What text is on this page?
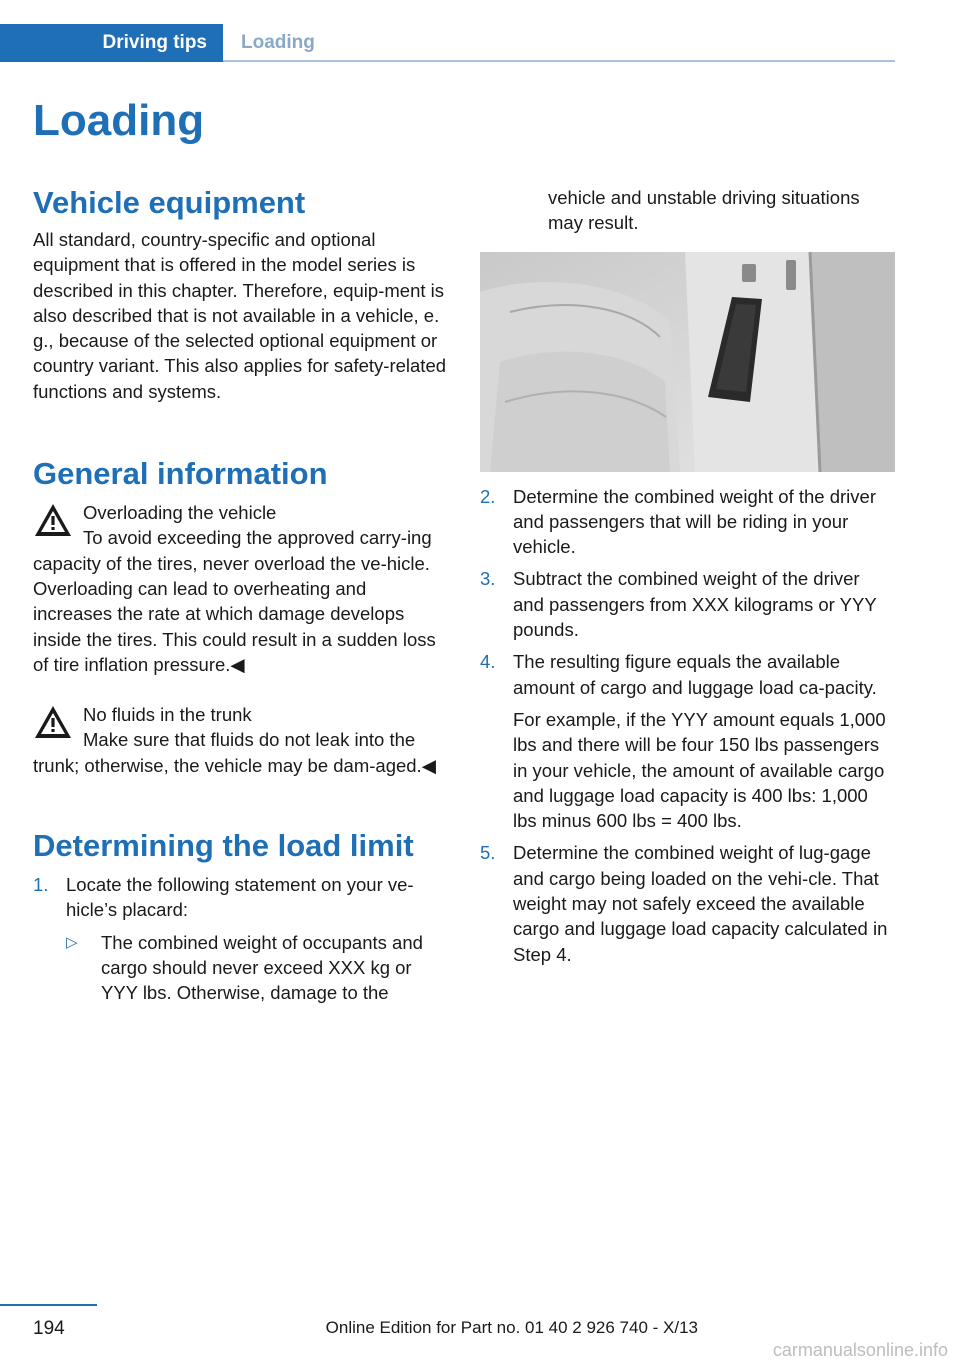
Driving tips	Loading
Loading
Vehicle equipment

All standard, country-specific and optional equipment that is offered in the model series is described in this chapter. Therefore, equip‐ment is also described that is not available in a vehicle, e. g., because of the selected optional equipment or country variant. This also applies for safety-related functions and systems.

General information
Overloading the vehicle

To avoid exceeding the approved carry‐ing capacity of the tires, never overload the ve‐hicle. Overloading can lead to overheating and increases the rate at which damage develops inside the tires. This could result in a sudden loss of tire inflation pressure.◀

No fluids in the trunk

Make sure that fluids do not leak into the trunk; otherwise, the vehicle may be dam‐aged.◀

Determining the load limit
1. Locate the following statement on your ve‐hicle’s placard:
▷ The combined weight of occupants and cargo should never exceed XXX kg or YYY lbs. Otherwise, damage to the

vehicle and unstable driving situations may result.

2. Determine the combined weight of the driver and passengers that will be riding in your vehicle.
3. Subtract the combined weight of the driver and passengers from XXX kilograms or YYY pounds.
4. The resulting figure equals the available amount of cargo and luggage load ca‐pacity.

For example, if the YYY amount equals 1,000 lbs and there will be four 150 lbs passengers in your vehicle, the amount of available cargo and luggage load capacity is 400 lbs: 1,000 lbs minus 600 lbs = 400 lbs.

5. Determine the combined weight of lug‐gage and cargo being loaded on the vehi‐cle. That weight may not safely exceed the available cargo and luggage load capacity calculated in Step 4.
194	Online Edition for Part no. 01 40 2 926 740 - X/13
carmanualsonline.info
